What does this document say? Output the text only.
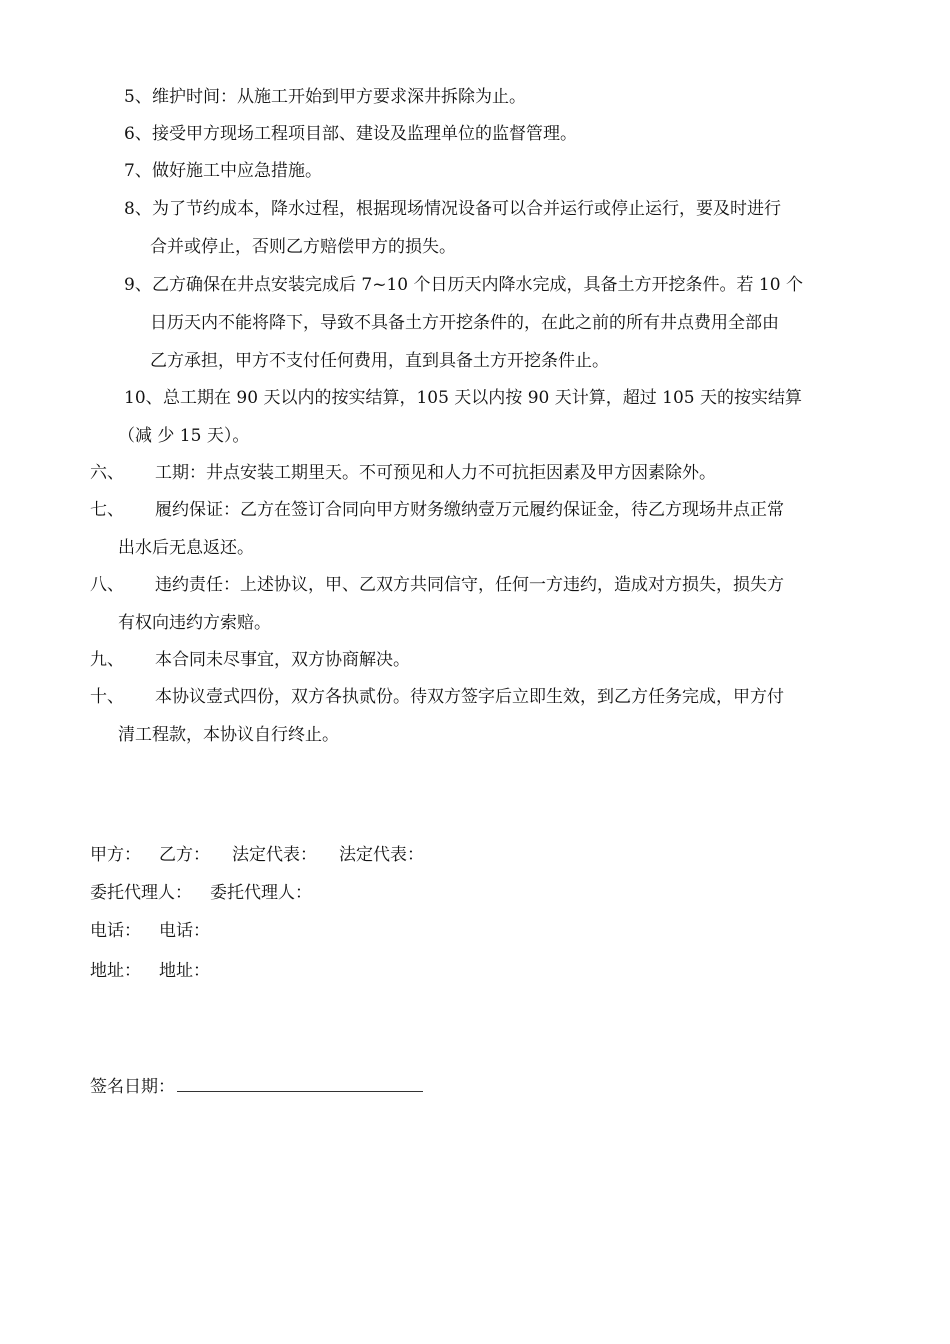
5、 维护时间：从施工开始到甲方要求深井拆除为止。
6、 接受甲方现场工程项目部、建设及监理单位的监督管理。
7、 做好施工中应急措施。
8、 为了节约成本，降水过程，根据现场情况设备可以合并运行或停止运行，要及时进行
合并或停止，否则乙方赔偿甲方的损失。
9、 乙方确保在井点安装完成后 7~10 个日历天内降水完成，具备土方开挖条件。若 10 个
日历天内不能将降下，导致不具备土方开挖条件的，在此之前的所有井点费用全部由
乙方承担，甲方不支付任何费用，直到具备土方开挖条件止。
10、 总工期在 90 天以内的按实结算，105 天以内按 90 天计算，超过 105 天的按实结算
（减 少 15 天）。
六、 工期：井点安装工期里天。不可预见和人力不可抗拒因素及甲方因素除外。
七、 履约保证：乙方在签订合同向甲方财务缴纳壹万元履约保证金，待乙方现场井点正常
出水后无息返还。
八、 违约责任：上述协议，甲、乙双方共同信守，任何一方违约，造成对方损失，损失方
有权向违约方索赔。
九、 本合同未尽事宜，双方协商解决。
十、 本协议壹式四份，双方各执贰份。待双方签字后立即生效，到乙方任务完成，甲方付
清工程款，本协议自行终止。
甲方： 乙方： 法定代表： 法定代表：
委托代理人： 委托代理人：
电话： 电话：
地址： 地址：
签名日期：
